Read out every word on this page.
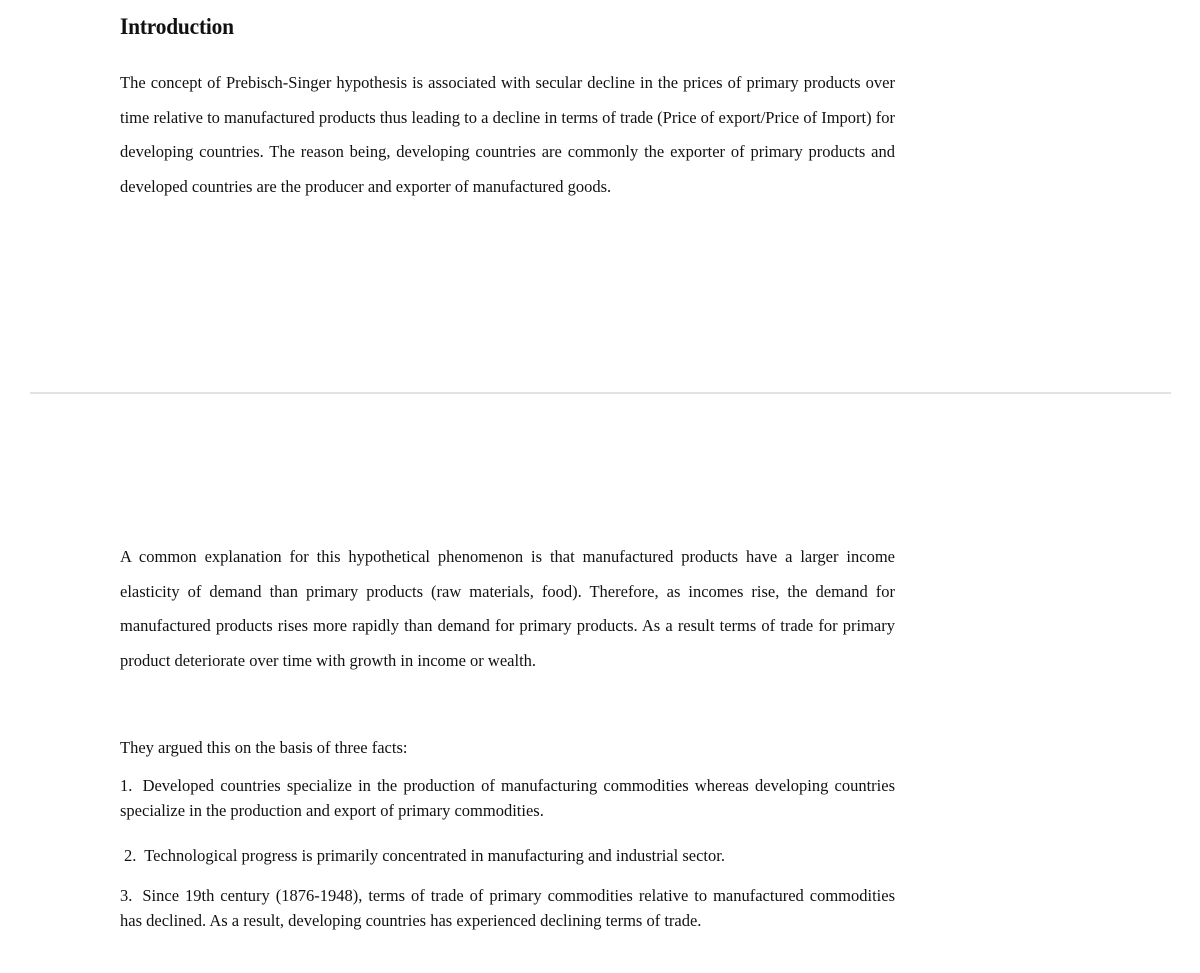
Introduction

The concept of Prebisch-Singer hypothesis is associated with secular decline in the prices of primary products over time relative to manufactured products thus leading to a decline in terms of trade (Price of export/Price of Import) for developing countries. The reason being, developing countries are commonly the exporter of primary products and developed countries are the producer and exporter of manufactured goods.

A common explanation for this hypothetical phenomenon is that manufactured products have a larger income elasticity of demand than primary products (raw materials, food). Therefore, as incomes rise, the demand for manufactured products rises more rapidly than demand for primary products. As a result terms of trade for primary product deteriorate over time with growth in income or wealth.

They argued this on the basis of three facts:

1. Developed countries specialize in the production of manufacturing commodities whereas developing countries specialize in the production and export of primary commodities.

2. Technological progress is primarily concentrated in manufacturing and industrial sector.

3. Since 19th century (1876-1948), terms of trade of primary commodities relative to manufactured commodities has declined. As a result, developing countries has experienced declining terms of trade.
